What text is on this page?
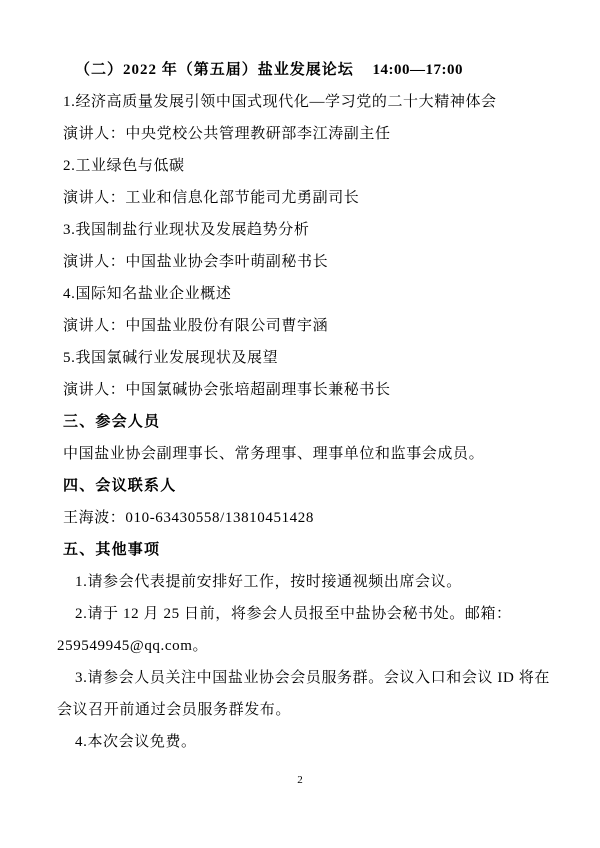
（二）2022 年（第五届）盐业发展论坛 14:00—17:00
1.经济高质量发展引领中国式现代化—学习党的二十大精神体会
演讲人：中央党校公共管理教研部李江涛副主任
2.工业绿色与低碳
演讲人：工业和信息化部节能司尤勇副司长
3.我国制盐行业现状及发展趋势分析
演讲人：中国盐业协会李叶萌副秘书长
4.国际知名盐业企业概述
演讲人：中国盐业股份有限公司曹宇涵
5.我国氯碱行业发展现状及展望
演讲人：中国氯碱协会张培超副理事长兼秘书长
三、参会人员
中国盐业协会副理事长、常务理事、理事单位和监事会成员。
四、会议联系人
王海波：010-63430558/13810451428
五、其他事项
1.请参会代表提前安排好工作，按时接通视频出席会议。
2.请于 12 月 25 日前，将参会人员报至中盐协会秘书处。邮箱：
259549945@qq.com。
3.请参会人员关注中国盐业协会会员服务群。会议入口和会议 ID 将在
会议召开前通过会员服务群发布。
4.本次会议免费。
2
